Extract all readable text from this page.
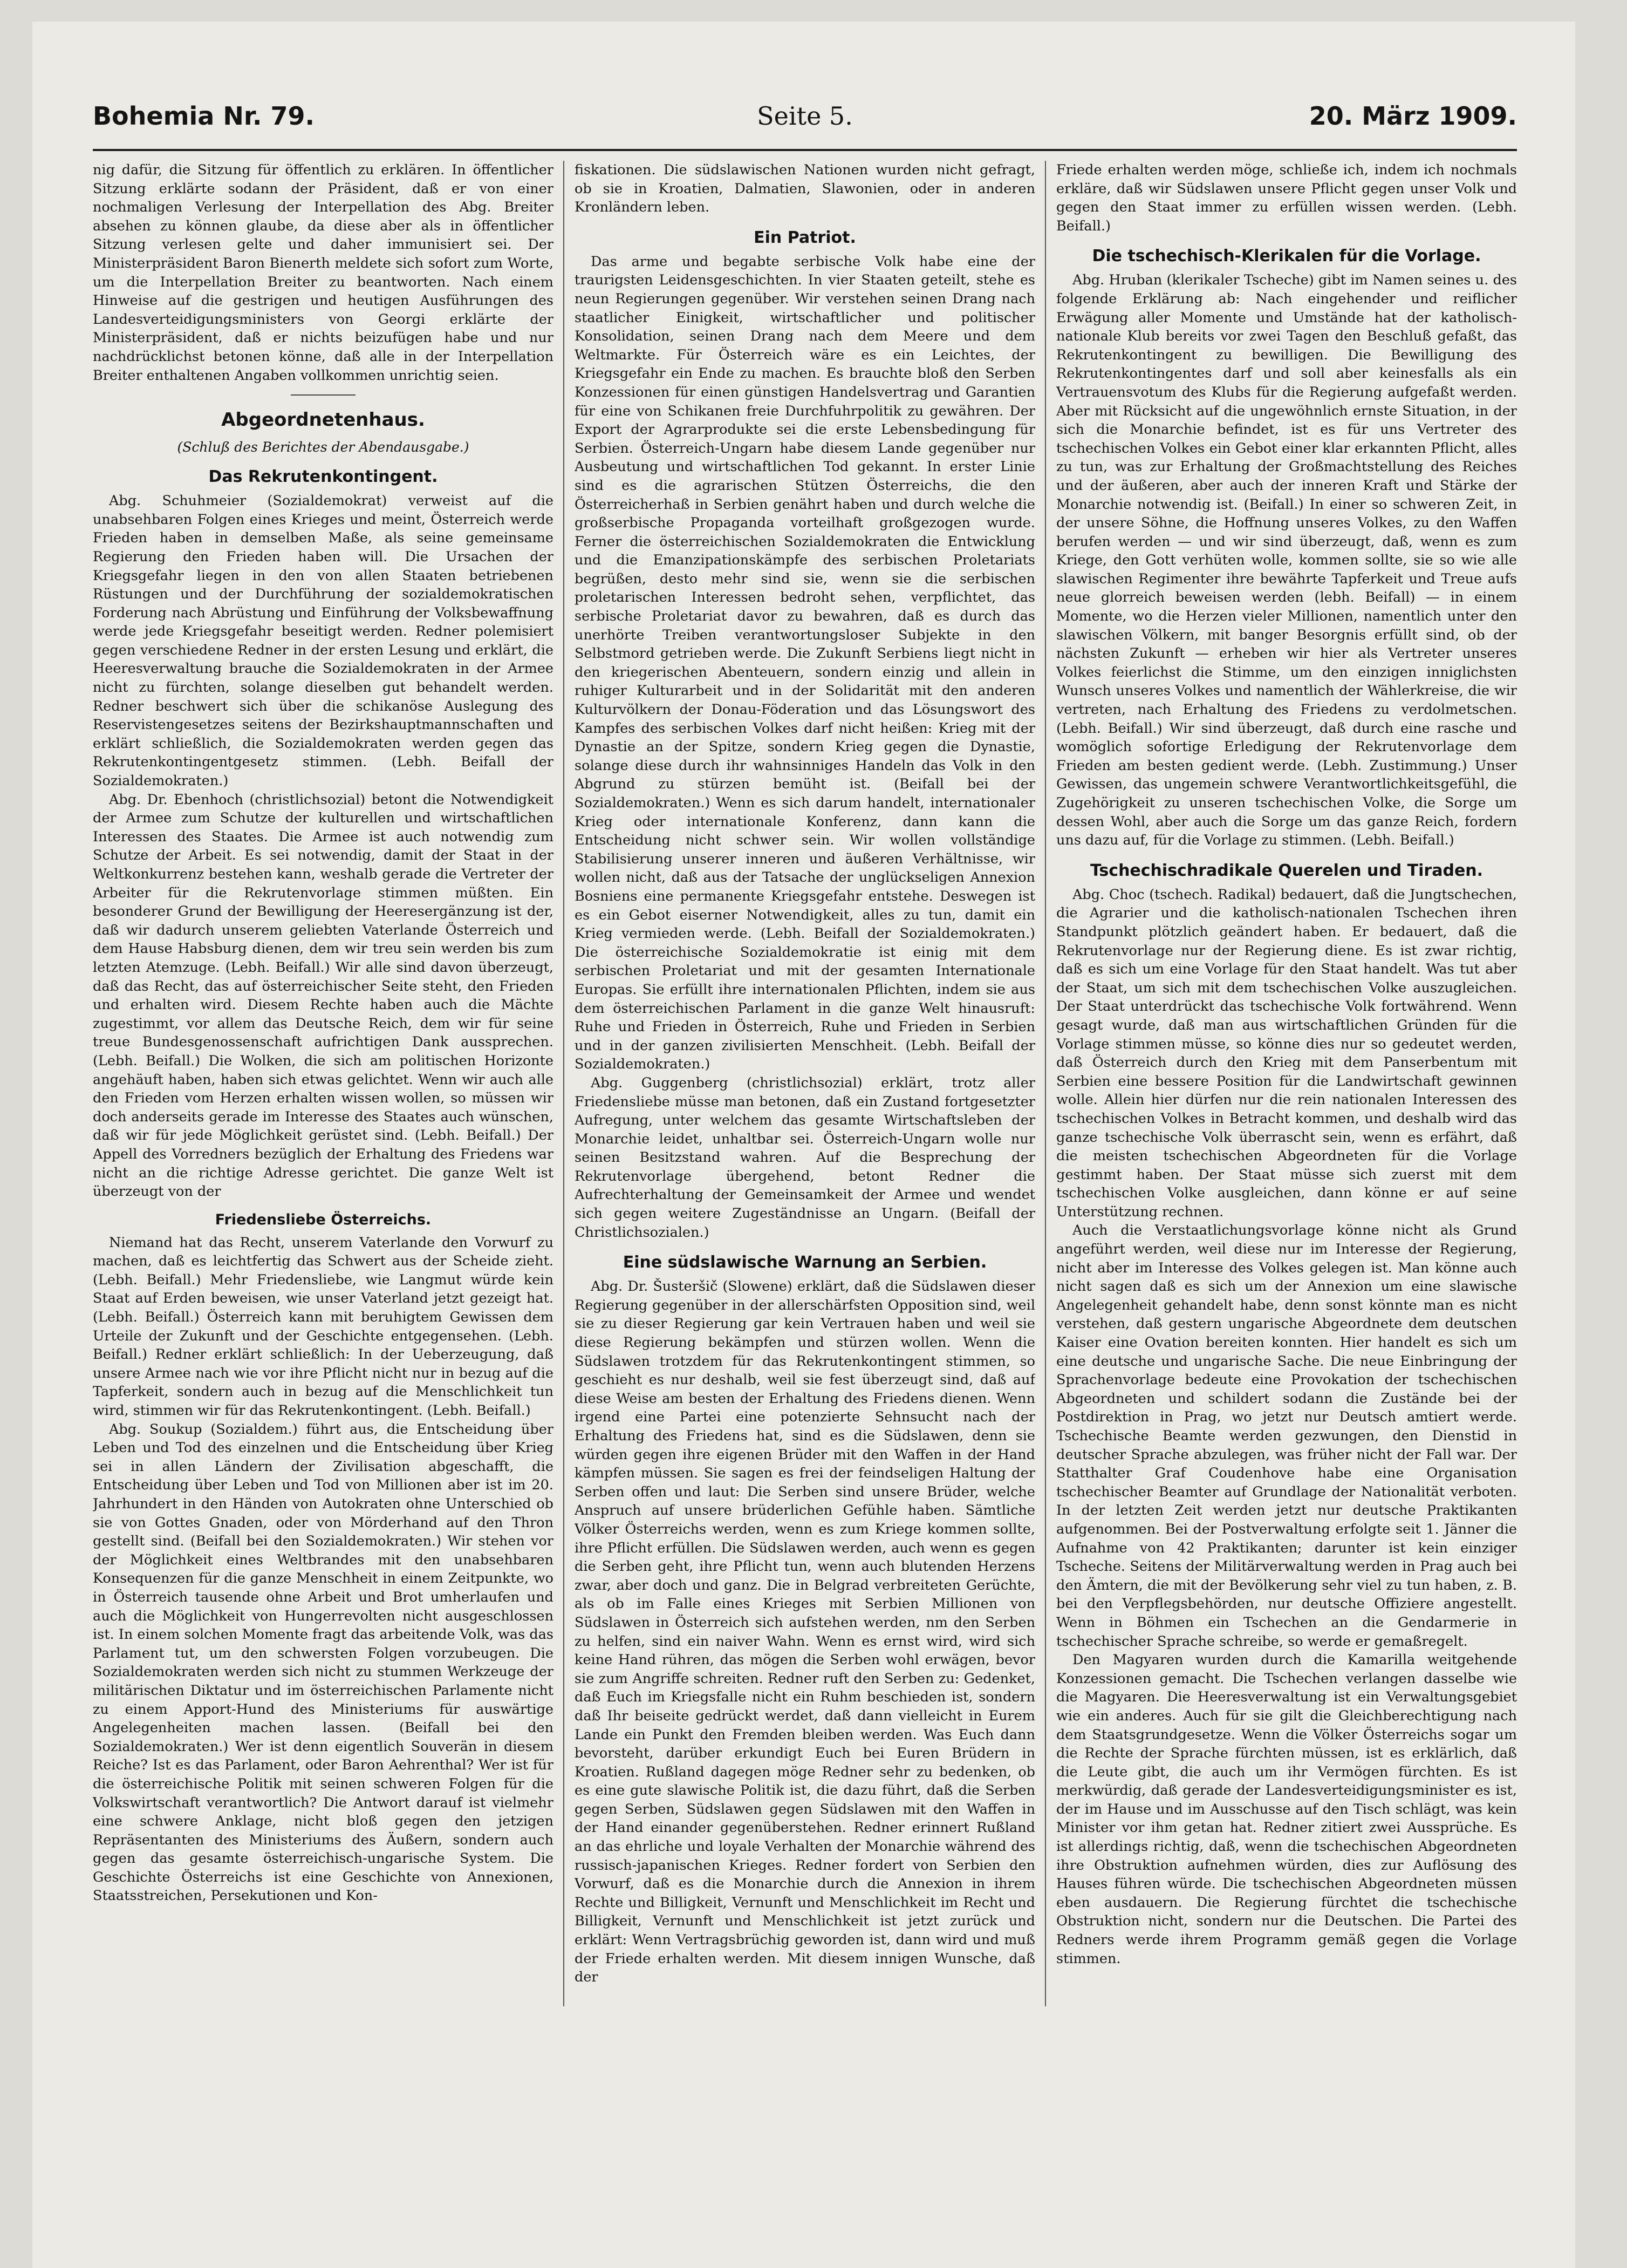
Bohemia Nr. 79.	Seite 5.	20. März 1909.

nig dafür, die Sitzung für öffentlich zu erklären. In öffentlicher Sitzung erklärte sodann der Präsident, daß er von einer nochmaligen Verlesung der Interpellation des Abg. Breiter absehen zu können glaube, da diese aber als in öffentlicher Sitzung verlesen gelte und daher immunisiert sei. Der Ministerpräsident Baron Bienerth meldete sich sofort zum Worte, um die Interpellation Breiter zu beantworten. Nach einem Hinweise auf die gestrigen und heutigen Ausführungen des Landesverteidigungsministers von Georgi erklärte der Ministerpräsident, daß er nichts beizufügen habe und nur nachdrücklichst betonen könne, daß alle in der Interpellation Breiter enthaltenen Angaben vollkommen unrichtig seien.

Abgeordnetenhaus.
(Schluß des Berichtes der Abendausgabe.)
Das Rekrutenkontingent.

Abg. Schuhmeier (Sozialdemokrat) verweist auf die unabsehbaren Folgen eines Krieges und meint, Österreich werde Frieden haben in demselben Maße, als seine gemeinsame Regierung den Frieden haben will. Die Ursachen der Kriegsgefahr liegen in den von allen Staaten betriebenen Rüstungen und der Durchführung der sozialdemokratischen Forderung nach Abrüstung und Einführung der Volksbewaffnung werde jede Kriegsgefahr beseitigt werden. Redner polemisiert gegen verschiedene Redner in der ersten Lesung und erklärt, die Heeresverwaltung brauche die Sozialdemokraten in der Armee nicht zu fürchten, solange dieselben gut behandelt werden. Redner beschwert sich über die schikanöse Auslegung des Reservistengesetzes seitens der Bezirkshauptmannschaften und erklärt schließlich, die Sozialdemokraten werden gegen das Rekrutenkontingentgesetz stimmen. (Lebh. Beifall der Sozialdemokraten.)

Abg. Dr. Ebenhoch (christlichsozial) betont die Notwendigkeit der Armee zum Schutze der kulturellen und wirtschaftlichen Interessen des Staates. Die Armee ist auch notwendig zum Schutze der Arbeit. Es sei notwendig, damit der Staat in der Weltkonkurrenz bestehen kann, weshalb gerade die Vertreter der Arbeiter für die Rekrutenvorlage stimmen müßten. Ein besonderer Grund der Bewilligung der Heeresergänzung ist der, daß wir dadurch unserem geliebten Vaterlande Österreich und dem Hause Habsburg dienen, dem wir treu sein werden bis zum letzten Atemzuge. (Lebh. Beifall.) Wir alle sind davon überzeugt, daß das Recht, das auf österreichischer Seite steht, den Frieden und erhalten wird. Diesem Rechte haben auch die Mächte zugestimmt, vor allem das Deutsche Reich, dem wir für seine treue Bundesgenossenschaft aufrichtigen Dank aussprechen. (Lebh. Beifall.) Die Wolken, die sich am politischen Horizonte angehäuft haben, haben sich etwas gelichtet. Wenn wir auch alle den Frieden vom Herzen erhalten wissen wollen, so müssen wir doch anderseits gerade im Interesse des Staates auch wünschen, daß wir für jede Möglichkeit gerüstet sind. (Lebh. Beifall.) Der Appell des Vorredners bezüglich der Erhaltung des Friedens war nicht an die richtige Adresse gerichtet. Die ganze Welt ist überzeugt von der

Friedensliebe Österreichs.

Niemand hat das Recht, unserem Vaterlande den Vorwurf zu machen, daß es leichtfertig das Schwert aus der Scheide zieht. (Lebh. Beifall.) Mehr Friedensliebe, wie Langmut würde kein Staat auf Erden beweisen, wie unser Vaterland jetzt gezeigt hat. (Lebh. Beifall.) Österreich kann mit beruhigtem Gewissen dem Urteile der Zukunft und der Geschichte entgegensehen. (Lebh. Beifall.) Redner erklärt schließlich: In der Ueberzeugung, daß unsere Armee nach wie vor ihre Pflicht nicht nur in bezug auf die Tapferkeit, sondern auch in bezug auf die Menschlichkeit tun wird, stimmen wir für das Rekrutenkontingent. (Lebh. Beifall.)

Abg. Soukup (Sozialdem.) führt aus, die Entscheidung über Leben und Tod des einzelnen und die Entscheidung über Krieg sei in allen Ländern der Zivilisation abgeschafft, die Entscheidung über Leben und Tod von Millionen aber ist im 20. Jahrhundert in den Händen von Autokraten ohne Unterschied ob sie von Gottes Gnaden, oder von Mörderhand auf den Thron gestellt sind. (Beifall bei den Sozialdemokraten.) Wir stehen vor der Möglichkeit eines Weltbrandes mit den unabsehbaren Konsequenzen für die ganze Menschheit in einem Zeitpunkte, wo in Österreich tausende ohne Arbeit und Brot umherlaufen und auch die Möglichkeit von Hungerrevolten nicht ausgeschlossen ist. In einem solchen Momente fragt das arbeitende Volk, was das Parlament tut, um den schwersten Folgen vorzubeugen. Die Sozialdemokraten werden sich nicht zu stummen Werkzeuge der militärischen Diktatur und im österreichischen Parlamente nicht zu einem Apport-Hund des Ministeriums für auswärtige Angelegenheiten machen lassen. (Beifall bei den Sozialdemokraten.) Wer ist denn eigentlich Souverän in diesem Reiche? Ist es das Parlament, oder Baron Aehrenthal? Wer ist für die österreichische Politik mit seinen schweren Folgen für die Volkswirtschaft verantwortlich? Die Antwort darauf ist vielmehr eine schwere Anklage, nicht bloß gegen den jetzigen Repräsentanten des Ministeriums des Äußern, sondern auch gegen das gesamte österreichisch-ungarische System. Die Geschichte Österreichs ist eine Geschichte von Annexionen, Staatsstreichen, Persekutionen und Kon-

fiskationen. Die südslawischen Nationen wurden nicht gefragt, ob sie in Kroatien, Dalmatien, Slawonien, oder in anderen Kronländern leben.

Ein Patriot.

Das arme und begabte serbische Volk habe eine der traurigsten Leidensgeschichten. In vier Staaten geteilt, stehe es neun Regierungen gegenüber. Wir verstehen seinen Drang nach staatlicher Einigkeit, wirtschaftlicher und politischer Konsolidation, seinen Drang nach dem Meere und dem Weltmarkte. Für Österreich wäre es ein Leichtes, der Kriegsgefahr ein Ende zu machen. Es brauchte bloß den Serben Konzessionen für einen günstigen Handelsvertrag und Garantien für eine von Schikanen freie Durchfuhrpolitik zu gewähren. Der Export der Agrarprodukte sei die erste Lebensbedingung für Serbien. Österreich-Ungarn habe diesem Lande gegenüber nur Ausbeutung und wirtschaftlichen Tod gekannt. In erster Linie sind es die agrarischen Stützen Österreichs, die den Österreicherhaß in Serbien genährt haben und durch welche die großserbische Propaganda vorteilhaft großgezogen wurde. Ferner die österreichischen Sozialdemokraten die Entwicklung und die Emanzipationskämpfe des serbischen Proletariats begrüßen, desto mehr sind sie, wenn sie die serbischen proletarischen Interessen bedroht sehen, verpflichtet, das serbische Proletariat davor zu bewahren, daß es durch das unerhörte Treiben verantwortungsloser Subjekte in den Selbstmord getrieben werde. Die Zukunft Serbiens liegt nicht in den kriegerischen Abenteuern, sondern einzig und allein in ruhiger Kulturarbeit und in der Solidarität mit den anderen Kulturvölkern der Donau-Föderation und das Lösungswort des Kampfes des serbischen Volkes darf nicht heißen: Krieg mit der Dynastie an der Spitze, sondern Krieg gegen die Dynastie, solange diese durch ihr wahnsinniges Handeln das Volk in den Abgrund zu stürzen bemüht ist. (Beifall bei der Sozialdemokraten.) Wenn es sich darum handelt, internationaler Krieg oder internationale Konferenz, dann kann die Entscheidung nicht schwer sein. Wir wollen vollständige Stabilisierung unserer inneren und äußeren Verhältnisse, wir wollen nicht, daß aus der Tatsache der unglückseligen Annexion Bosniens eine permanente Kriegsgefahr entstehe. Deswegen ist es ein Gebot eiserner Notwendigkeit, alles zu tun, damit ein Krieg vermieden werde. (Lebh. Beifall der Sozialdemokraten.) Die österreichische Sozialdemokratie ist einig mit dem serbischen Proletariat und mit der gesamten Internationale Europas. Sie erfüllt ihre internationalen Pflichten, indem sie aus dem österreichischen Parlament in die ganze Welt hinausruft: Ruhe und Frieden in Österreich, Ruhe und Frieden in Serbien und in der ganzen zivilisierten Menschheit. (Lebh. Beifall der Sozialdemokraten.)

Abg. Guggenberg (christlichsozial) erklärt, trotz aller Friedensliebe müsse man betonen, daß ein Zustand fortgesetzter Aufregung, unter welchem das gesamte Wirtschaftsleben der Monarchie leidet, unhaltbar sei. Österreich-Ungarn wolle nur seinen Besitzstand wahren. Auf die Besprechung der Rekrutenvorlage übergehend, betont Redner die Aufrechterhaltung der Gemeinsamkeit der Armee und wendet sich gegen weitere Zugeständnisse an Ungarn. (Beifall der Christlichsozialen.)

Eine südslawische Warnung an Serbien.

Abg. Dr. Šusteršič (Slowene) erklärt, daß die Südslawen dieser Regierung gegenüber in der allerschärfsten Opposition sind, weil sie zu dieser Regierung gar kein Vertrauen haben und weil sie diese Regierung bekämpfen und stürzen wollen. Wenn die Südslawen trotzdem für das Rekrutenkontingent stimmen, so geschieht es nur deshalb, weil sie fest überzeugt sind, daß auf diese Weise am besten der Erhaltung des Friedens dienen. Wenn irgend eine Partei eine potenzierte Sehnsucht nach der Erhaltung des Friedens hat, sind es die Südslawen, denn sie würden gegen ihre eigenen Brüder mit den Waffen in der Hand kämpfen müssen. Sie sagen es frei der feindseligen Haltung der Serben offen und laut: Die Serben sind unsere Brüder, welche Anspruch auf unsere brüderlichen Gefühle haben. Sämtliche Völker Österreichs werden, wenn es zum Kriege kommen sollte, ihre Pflicht erfüllen. Die Südslawen werden, auch wenn es gegen die Serben geht, ihre Pflicht tun, wenn auch blutenden Herzens zwar, aber doch und ganz. Die in Belgrad verbreiteten Gerüchte, als ob im Falle eines Krieges mit Serbien Millionen von Südslawen in Österreich sich aufstehen werden, nm den Serben zu helfen, sind ein naiver Wahn. Wenn es ernst wird, wird sich keine Hand rühren, das mögen die Serben wohl erwägen, bevor sie zum Angriffe schreiten. Redner ruft den Serben zu: Gedenket, daß Euch im Kriegsfalle nicht ein Ruhm beschieden ist, sondern daß Ihr beiseite gedrückt werdet, daß dann vielleicht in Eurem Lande ein Punkt den Fremden bleiben werden. Was Euch dann bevorsteht, darüber erkundigt Euch bei Euren Brüdern in Kroatien. Rußland dagegen möge Redner sehr zu bedenken, ob es eine gute slawische Politik ist, die dazu führt, daß die Serben gegen Serben, Südslawen gegen Südslawen mit den Waffen in der Hand einander gegenüberstehen. Redner erinnert Rußland an das ehrliche und loyale Verhalten der Monarchie während des russisch-japanischen Krieges. Redner fordert von Serbien den Vorwurf, daß es die Monarchie durch die Annexion in ihrem Rechte und Billigkeit, Vernunft und Menschlichkeit im Recht und Billigkeit, Vernunft und Menschlichkeit ist jetzt zurück und erklärt: Wenn Vertragsbrüchig geworden ist, dann wird und muß der Friede erhalten werden. Mit diesem innigen Wunsche, daß der

Friede erhalten werden möge, schließe ich, indem ich nochmals erkläre, daß wir Südslawen unsere Pflicht gegen unser Volk und gegen den Staat immer zu erfüllen wissen werden. (Lebh. Beifall.)

Die tschechisch-Klerikalen für die Vorlage.

Abg. Hruban (klerikaler Tscheche) gibt im Namen seines u. des folgende Erklärung ab: Nach eingehender und reiflicher Erwägung aller Momente und Umstände hat der katholisch-nationale Klub bereits vor zwei Tagen den Beschluß gefaßt, das Rekrutenkontingent zu bewilligen. Die Bewilligung des Rekrutenkontingentes darf und soll aber keinesfalls als ein Vertrauensvotum des Klubs für die Regierung aufgefaßt werden. Aber mit Rücksicht auf die ungewöhnlich ernste Situation, in der sich die Monarchie befindet, ist es für uns Vertreter des tschechischen Volkes ein Gebot einer klar erkannten Pflicht, alles zu tun, was zur Erhaltung der Großmachtstellung des Reiches und der äußeren, aber auch der inneren Kraft und Stärke der Monarchie notwendig ist. (Beifall.) In einer so schweren Zeit, in der unsere Söhne, die Hoffnung unseres Volkes, zu den Waffen berufen werden — und wir sind überzeugt, daß, wenn es zum Kriege, den Gott verhüten wolle, kommen sollte, sie so wie alle slawischen Regimenter ihre bewährte Tapferkeit und Treue aufs neue glorreich beweisen werden (lebh. Beifall) — in einem Momente, wo die Herzen vieler Millionen, namentlich unter den slawischen Völkern, mit banger Besorgnis erfüllt sind, ob der nächsten Zukunft — erheben wir hier als Vertreter unseres Volkes feierlichst die Stimme, um den einzigen inniglichsten Wunsch unseres Volkes und namentlich der Wählerkreise, die wir vertreten, nach Erhaltung des Friedens zu verdolmetschen. (Lebh. Beifall.) Wir sind überzeugt, daß durch eine rasche und womöglich sofortige Erledigung der Rekrutenvorlage dem Frieden am besten gedient werde. (Lebh. Zustimmung.) Unser Gewissen, das ungemein schwere Verantwortlichkeitsgefühl, die Zugehörigkeit zu unseren tschechischen Volke, die Sorge um dessen Wohl, aber auch die Sorge um das ganze Reich, fordern uns dazu auf, für die Vorlage zu stimmen. (Lebh. Beifall.)

Tschechischradikale Querelen und Tiraden.

Abg. Choc (tschech. Radikal) bedauert, daß die Jungtschechen, die Agrarier und die katholisch-nationalen Tschechen ihren Standpunkt plötzlich geändert haben. Er bedauert, daß die Rekrutenvorlage nur der Regierung diene. Es ist zwar richtig, daß es sich um eine Vorlage für den Staat handelt. Was tut aber der Staat, um sich mit dem tschechischen Volke auszugleichen. Der Staat unterdrückt das tschechische Volk fortwährend. Wenn gesagt wurde, daß man aus wirtschaftlichen Gründen für die Vorlage stimmen müsse, so könne dies nur so gedeutet werden, daß Österreich durch den Krieg mit dem Panserbentum mit Serbien eine bessere Position für die Landwirtschaft gewinnen wolle. Allein hier dürfen nur die rein nationalen Interessen des tschechischen Volkes in Betracht kommen, und deshalb wird das ganze tschechische Volk überrascht sein, wenn es erfährt, daß die meisten tschechischen Abgeordneten für die Vorlage gestimmt haben. Der Staat müsse sich zuerst mit dem tschechischen Volke ausgleichen, dann könne er auf seine Unterstützung rechnen.

Auch die Verstaatlichungsvorlage könne nicht als Grund angeführt werden, weil diese nur im Interesse der Regierung, nicht aber im Interesse des Volkes gelegen ist. Man könne auch nicht sagen daß es sich um der Annexion um eine slawische Angelegenheit gehandelt habe, denn sonst könnte man es nicht verstehen, daß gestern ungarische Abgeordnete dem deutschen Kaiser eine Ovation bereiten konnten. Hier handelt es sich um eine deutsche und ungarische Sache. Die neue Einbringung der Sprachenvorlage bedeute eine Provokation der tschechischen Abgeordneten und schildert sodann die Zustände bei der Postdirektion in Prag, wo jetzt nur Deutsch amtiert werde. Tschechische Beamte werden gezwungen, den Dienstid in deutscher Sprache abzulegen, was früher nicht der Fall war. Der Statthalter Graf Coudenhove habe eine Organisation tschechischer Beamter auf Grundlage der Nationalität verboten. In der letzten Zeit werden jetzt nur deutsche Praktikanten aufgenommen. Bei der Postverwaltung erfolgte seit 1. Jänner die Aufnahme von 42 Praktikanten; darunter ist kein einziger Tscheche. Seitens der Militärverwaltung werden in Prag auch bei den Ämtern, die mit der Bevölkerung sehr viel zu tun haben, z. B. bei den Verpflegsbehörden, nur deutsche Offiziere angestellt. Wenn in Böhmen ein Tschechen an die Gendarmerie in tschechischer Sprache schreibe, so werde er gemaßregelt.

Den Magyaren wurden durch die Kamarilla weitgehende Konzessionen gemacht. Die Tschechen verlangen dasselbe wie die Magyaren. Die Heeresverwaltung ist ein Verwaltungsgebiet wie ein anderes. Auch für sie gilt die Gleichberechtigung nach dem Staatsgrundgesetze. Wenn die Völker Österreichs sogar um die Rechte der Sprache fürchten müssen, ist es erklärlich, daß die Leute gibt, die auch um ihr Vermögen fürchten. Es ist merkwürdig, daß gerade der Landesverteidigungsminister es ist, der im Hause und im Ausschusse auf den Tisch schlägt, was kein Minister vor ihm getan hat. Redner zitiert zwei Aussprüche. Es ist allerdings richtig, daß, wenn die tschechischen Abgeordneten ihre Obstruktion aufnehmen würden, dies zur Auflösung des Hauses führen würde. Die tschechischen Abgeordneten müssen eben ausdauern. Die Regierung fürchtet die tschechische Obstruktion nicht, sondern nur die Deutschen. Die Partei des Redners werde ihrem Programm gemäß gegen die Vorlage stimmen.
